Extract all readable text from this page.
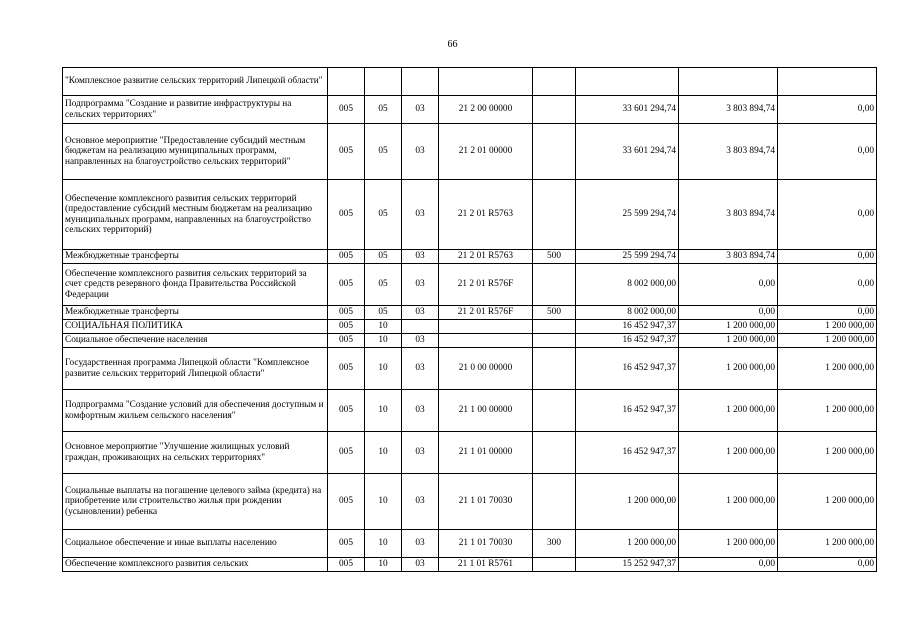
66
"Комплексное развитие сельских территорий Липецкой области"								
Подпрограмма "Создание и развитие инфраструктуры на сельских территориях"	005	05	03	21 2 00 00000		33 601 294,74	3 803 894,74	0,00
Основное мероприятие "Предоставление субсидий местным бюджетам на реализацию муниципальных программ, направленных на благоустройство сельских территорий"	005	05	03	21 2 01 00000		33 601 294,74	3 803 894,74	0,00
Обеспечение комплексного развития сельских территорий (предоставление субсидий местным бюджетам на реализацию муниципальных программ, направленных на благоустройство сельских территорий)	005	05	03	21 2 01 R5763		25 599 294,74	3 803 894,74	0,00
Межбюджетные трансферты	005	05	03	21 2 01 R5763	500	25 599 294,74	3 803 894,74	0,00
Обеспечение комплексного развития сельских территорий за счет средств резервного фонда Правительства Российской Федерации	005	05	03	21 2 01 R576F		8 002 000,00	0,00	0,00
Межбюджетные трансферты	005	05	03	21 2 01 R576F	500	8 002 000,00	0,00	0,00
СОЦИАЛЬНАЯ ПОЛИТИКА	005	10				16 452 947,37	1 200 000,00	1 200 000,00
Социальное обеспечение населения	005	10	03			16 452 947,37	1 200 000,00	1 200 000,00
Государственная программа Липецкой области "Комплексное развитие сельских территорий Липецкой области"	005	10	03	21 0 00 00000		16 452 947,37	1 200 000,00	1 200 000,00
Подпрограмма "Создание условий для обеспечения доступным и комфортным жильем сельского населения"	005	10	03	21 1 00 00000		16 452 947,37	1 200 000,00	1 200 000,00
Основное мероприятие "Улучшение жилищных условий граждан, проживающих на сельских территориях"	005	10	03	21 1 01 00000		16 452 947,37	1 200 000,00	1 200 000,00
Социальные выплаты на погашение целевого займа (кредита) на приобретение или строительство жилья при рождении (усыновлении) ребенка	005	10	03	21 1 01 70030		1 200 000,00	1 200 000,00	1 200 000,00
Социальное обеспечение и иные выплаты населению	005	10	03	21 1 01 70030	300	1 200 000,00	1 200 000,00	1 200 000,00
Обеспечение комплексного развития сельских	005	10	03	21 1 01 R5761		15 252 947,37	0,00	0,00
